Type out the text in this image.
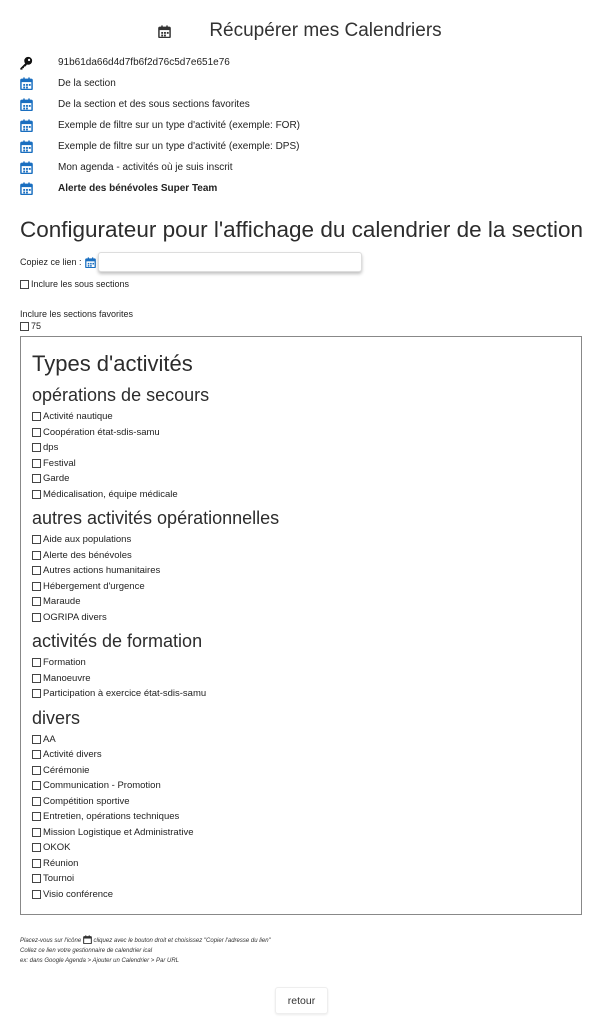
Récupérer mes Calendriers
91b61da66d4d7fb6f2d76c5d7e651e76
De la section
De la section et des sous sections favorites
Exemple de filtre sur un type d'activité (exemple: FOR)
Exemple de filtre sur un type d'activité (exemple: DPS)
Mon agenda - activités où je suis inscrit
Alerte des bénévoles Super Team
Configurateur pour l'affichage du calendrier de la section
Copiez ce lien :
Inclure les sous sections
Inclure les sections favorites
75
Types d'activités
opérations de secours
Activité nautique
Coopération état-sdis-samu
dps
Festival
Garde
Médicalisation, équipe médicale
autres activités opérationnelles
Aide aux populations
Alerte des bénévoles
Autres actions humanitaires
Hébergement d'urgence
Maraude
OGRIPA divers
activités de formation
Formation
Manoeuvre
Participation à exercice état-sdis-samu
divers
AA
Activité divers
Cérémonie
Communication - Promotion
Compétition sportive
Entretien, opérations techniques
Mission Logistique et Administrative
OKOK
Réunion
Tournoi
Visio conférence
Placez-vous sur l'icône cliquez avec le bouton droit et choisissez "Copier l'adresse du lien"
Collez ce lien votre gestionnaire de calendrier ical
ex: dans Google Agenda > Ajouter un Calendrier > Par URL
retour
